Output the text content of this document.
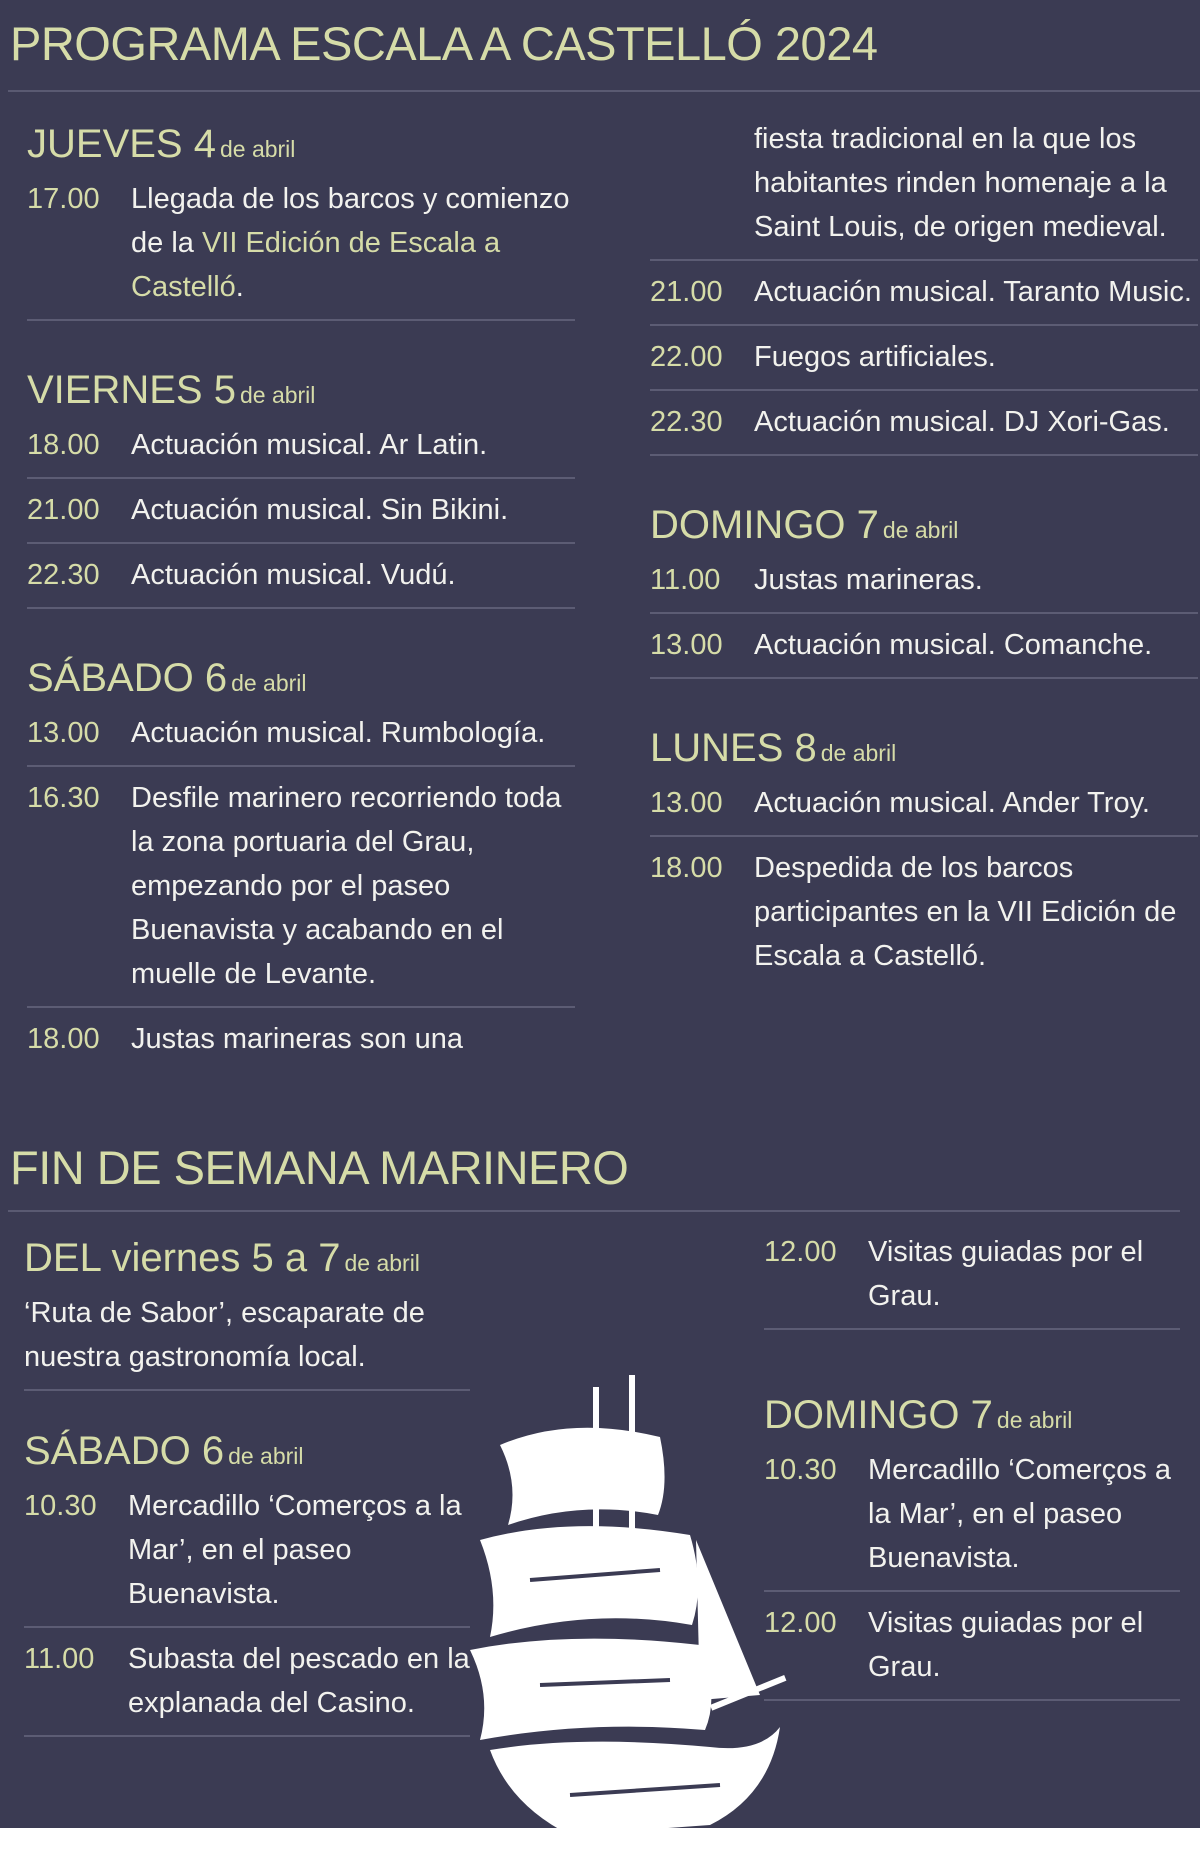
PROGRAMA ESCALA A CASTELLÓ 2024
JUEVES 4 de abril
17.00	Llegada de los barcos y comienzo de la VII Edición de Escala a Castelló.
VIERNES 5 de abril
18.00	Actuación musical. Ar Latin.
21.00	Actuación musical. Sin Bikini.
22.30	Actuación musical. Vudú.
SÁBADO 6 de abril
13.00	Actuación musical. Rumbología.
16.30	Desfile marinero recorriendo toda la zona portuaria del Grau, empezando por el paseo Buenavista y acabando en el muelle de Levante.
18.00	Justas marineras son una
fiesta tradicional en la que los habitantes rinden homenaje a la Saint Louis, de origen medieval.
21.00	Actuación musical. Taranto Music.
22.00	Fuegos artificiales.
22.30	Actuación musical. DJ Xori-Gas.
DOMINGO 7 de abril
11.00	Justas marineras.
13.00	Actuación musical. Comanche.
LUNES 8 de abril
13.00	Actuación musical. Ander Troy.
18.00	Despedida de los barcos participantes en la VII Edición de Escala a Castelló.
FIN DE SEMANA MARINERO
DEL viernes 5 a 7 de abril
‘Ruta de Sabor’, escaparate de nuestra gastronomía local.
SÁBADO 6 de abril
10.30	Mercadillo ‘Comerços a la Mar’, en el paseo Buenavista.
11.00	Subasta del pescado en la explanada del Casino.
12.00	Visitas guiadas por el Grau.
DOMINGO 7 de abril
10.30	Mercadillo ‘Comerços a la Mar’, en el paseo Buenavista.
12.00	Visitas guiadas por el Grau.
